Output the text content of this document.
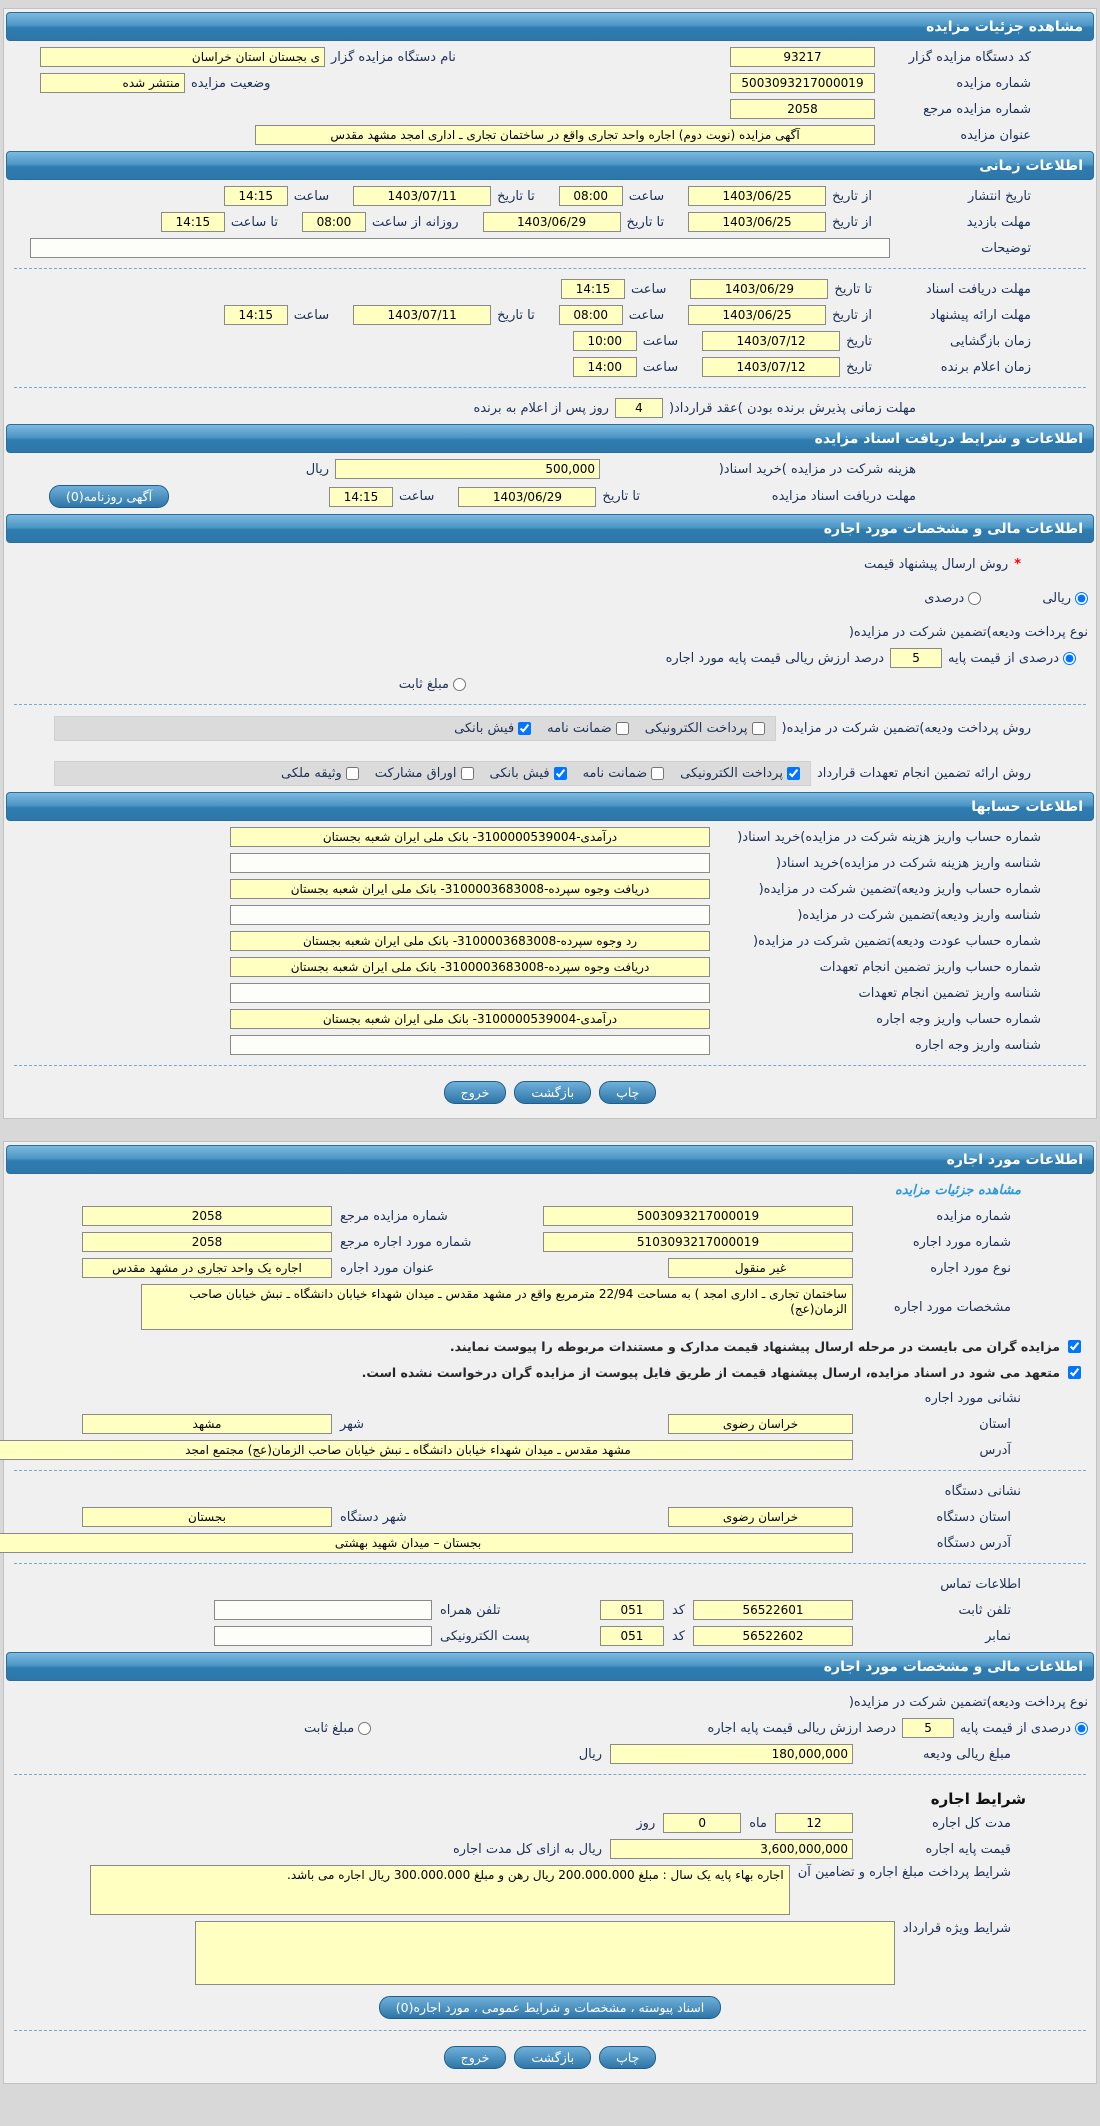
مشاهده جزئیات مزایده
کد دستگاه مزایده گزار
93217
نام دستگاه مزایده گزار
ی بجستان استان خراسان
شماره مزایده
5003093217000019
وضعیت مزایده
منتشر شده
شماره مزایده مرجع
2058
عنوان مزایده
آگهی مزایده (نوبت دوم) اجاره واحد تجاری واقع در ساختمان تجاری ـ اداری امجد مشهد مقدس
اطلاعات زمانی
تاریخ انتشار
از تاریخ
1403/06/25
ساعت
08:00
تا تاریخ
1403/07/11
ساعت
14:15
مهلت بازدید
از تاریخ
1403/06/25
تا تاریخ
1403/06/29
روزانه از ساعت
08:00
تا ساعت
14:15
توضیحات
مهلت دریافت اسناد
تا تاریخ
1403/06/29
ساعت
14:15
مهلت ارائه پیشنهاد
از تاریخ
1403/06/25
ساعت
08:00
تا تاریخ
1403/07/11
ساعت
14:15
زمان بازگشایی
تاریخ
1403/07/12
ساعت
10:00
زمان اعلام برنده
تاریخ
1403/07/12
ساعت
14:00
مهلت زمانی پذیرش برنده بودن )عقد قرارداد(
4
روز پس از اعلام به برنده
اطلاعات و شرایط دریافت اسناد مزایده
هزینه شرکت در مزایده )خرید اسناد(
500,000
ریال
مهلت دریافت اسناد مزایده
تا تاریخ
1403/06/29
ساعت
14:15
آگهی روزنامه(0)
اطلاعات مالی و مشخصات مورد اجاره
*
روش ارسال پیشنهاد قیمت
ریالی
درصدی
نوع پرداخت ودیعه)تضمین شرکت در مزایده(
درصدی از قیمت پایه
5
درصد ارزش ریالی قیمت پایه مورد اجاره
مبلغ ثابت
روش پرداخت ودیعه)تضمین شرکت در مزایده(
پرداخت الکترونیکی
ضمانت نامه
فیش بانکی
روش ارائه تضمین انجام تعهدات قرارداد
پرداخت الکترونیکی
ضمانت نامه
فیش بانکی
اوراق مشارکت
وثیقه ملکی
اطلاعات حسابها
شماره حساب واریز هزینه شرکت در مزایده)خرید اسناد(
درآمدی-3100000539004- بانک ملی ایران شعبه بجستان
شناسه واریز هزینه شرکت در مزایده)خرید اسناد(
شماره حساب واریز ودیعه)تضمین شرکت در مزایده(
دریافت وجوه سپرده-3100003683008- بانک ملی ایران شعبه بجستان
شناسه واریز ودیعه)تضمین شرکت در مزایده(
شماره حساب عودت ودیعه)تضمین شرکت در مزایده(
رد وجوه سپرده-3100003683008- بانک ملی ایران شعبه بجستان
شماره حساب واریز تضمین انجام تعهدات
دریافت وجوه سپرده-3100003683008- بانک ملی ایران شعبه بجستان
شناسه واریز تضمین انجام تعهدات
شماره حساب واریز وجه اجاره
درآمدی-3100000539004- بانک ملی ایران شعبه بجستان
شناسه واریز وجه اجاره
چاپ
بازگشت
خروج
اطلاعات مورد اجاره
مشاهده جزئیات مزایده
شماره مزایده
5003093217000019
شماره مزایده مرجع
2058
شماره مورد اجاره
5103093217000019
شماره مورد اجاره مرجع
2058
نوع مورد اجاره
غیر منقول
عنوان مورد اجاره
اجاره یک واحد تجاری در مشهد مقدس
مشخصات مورد اجاره
ساختمان تجاری ـ اداری امجد ) به مساحت 22/94 مترمربع واقع در مشهد مقدس ـ میدان شهداء خیابان دانشگاه ـ نبش خیابان صاحب الزمان(عج)
مزایده گران می بایست در مرحله ارسال پیشنهاد قیمت مدارک و مستندات مربوطه را پیوست نمایند.
متعهد می شود در اسناد مزایده، ارسال پیشنهاد قیمت از طریق فایل پیوست از مزایده گران درخواست نشده است.
نشانی مورد اجاره
استان
خراسان رضوی
شهر
مشهد
آدرس
مشهد مقدس ـ میدان شهداء خیابان دانشگاه ـ نبش خیابان صاحب الزمان(عج) مجتمع امجد
نشانی دستگاه
استان دستگاه
خراسان رضوی
شهر دستگاه
بجستان
آدرس دستگاه
بجستان – میدان شهید بهشتی
اطلاعات تماس
تلفن ثابت
56522601
کد
051
تلفن همراه
نمابر
56522602
کد
051
پست الکترونیکی
اطلاعات مالی و مشخصات مورد اجاره
نوع پرداخت ودیعه)تضمین شرکت در مزایده(
درصدی از قیمت پایه
5
درصد ارزش ریالی قیمت پایه اجاره
مبلغ ثابت
مبلغ ریالی ودیعه
180,000,000
ریال
شرایط اجاره
مدت کل اجاره
12
ماه
0
روز
قیمت پایه اجاره
3,600,000,000
ریال به ازای کل مدت اجاره
شرایط پرداخت مبلغ اجاره و تضامین آن
اجاره بهاء پایه یک سال : مبلغ 200.000.000 ریال رهن و مبلغ 300.000.000 ریال اجاره می باشد.
شرایط ویژه قرارداد
اسناد پیوسته ، مشخصات و شرایط عمومی ، مورد اجاره(0)
چاپ
بازگشت
خروج
